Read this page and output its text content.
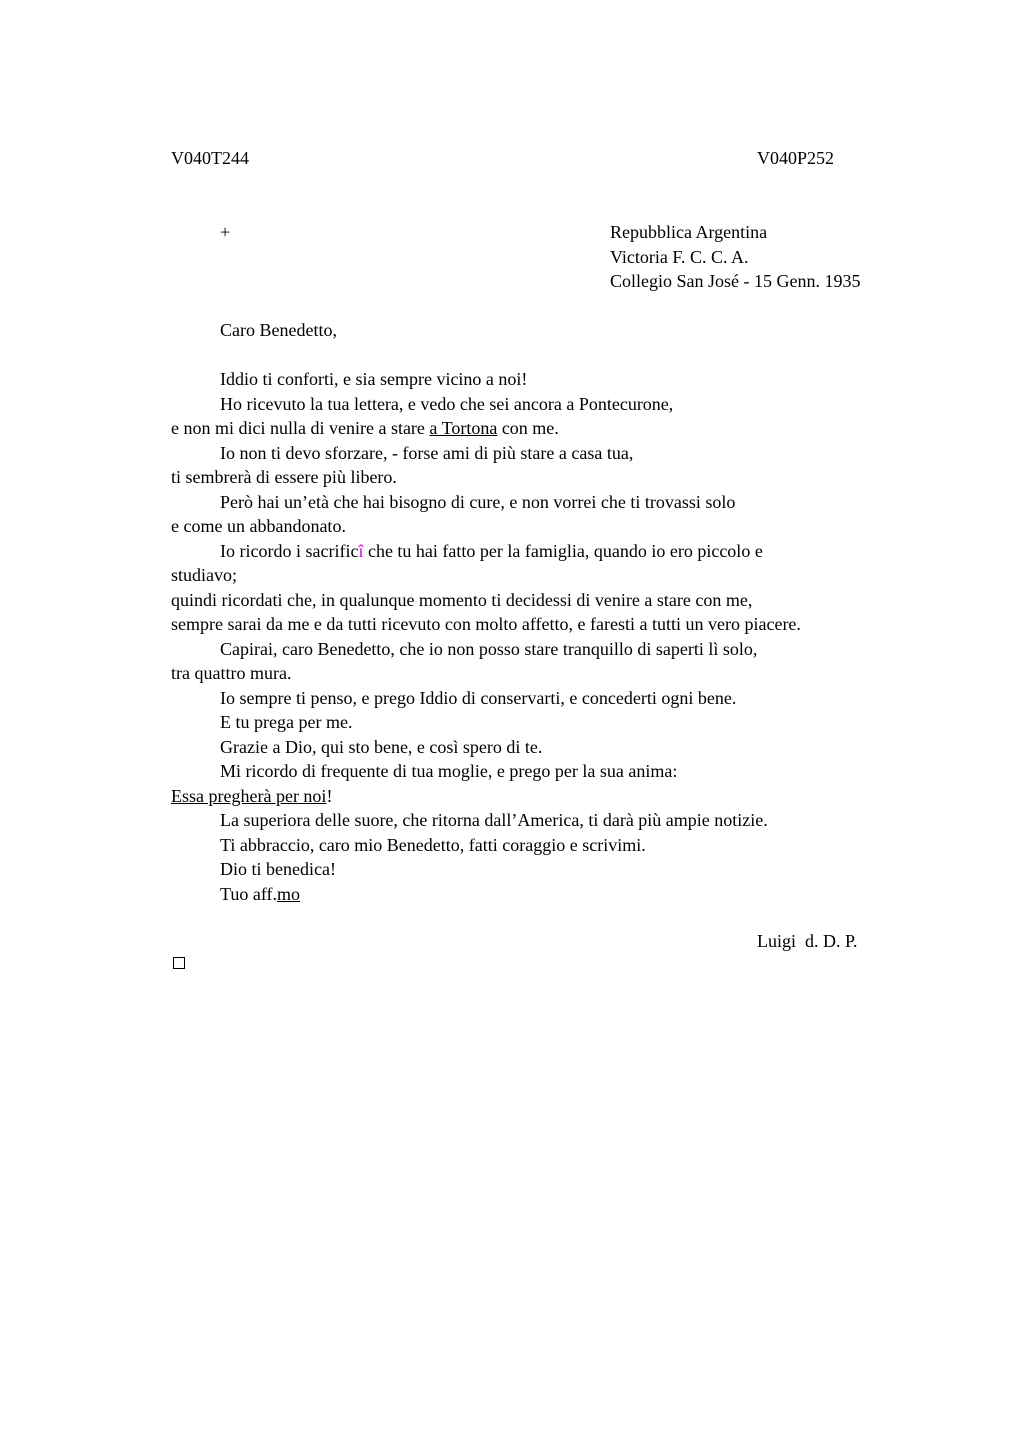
V040T244	V040P252
+	Repubblica Argentina
Victoria F. C. C. A.
Collegio San José - 15 Genn. 1935
Caro Benedetto,
Iddio ti conforti, e sia sempre vicino a noi!
Ho ricevuto la tua lettera, e vedo che sei ancora a Pontecurone,
e non mi dici nulla di venire a stare a Tortona con me.
Io non ti devo sforzare, - forse ami di più stare a casa tua,
ti sembrerà di essere più libero.
Però hai un’età che hai bisogno di cure, e non vorrei che ti trovassi solo
e come un abbandonato.
Io ricordo i sacrificî che tu hai fatto per la famiglia, quando io ero piccolo e
studiavo;
quindi ricordati che, in qualunque momento ti decidessi di venire a stare con me,
sempre sarai da me e da tutti ricevuto con molto affetto, e faresti a tutti un vero piacere.
Capirai, caro Benedetto, che io non posso stare tranquillo di saperti lì solo,
tra quattro mura.
Io sempre ti penso, e prego Iddio di conservarti, e concederti ogni bene.
E tu prega per me.
Grazie a Dio, qui sto bene, e così spero di te.
Mi ricordo di frequente di tua moglie, e prego per la sua anima:
Essa pregherà per noi!
La superiora delle suore, che ritorna dall’America, ti darà più ampie notizie.
Ti abbraccio, caro mio Benedetto, fatti coraggio e scrivimi.
Dio ti benedica!
Tuo aff.mo
Luigi  d. D. P.
